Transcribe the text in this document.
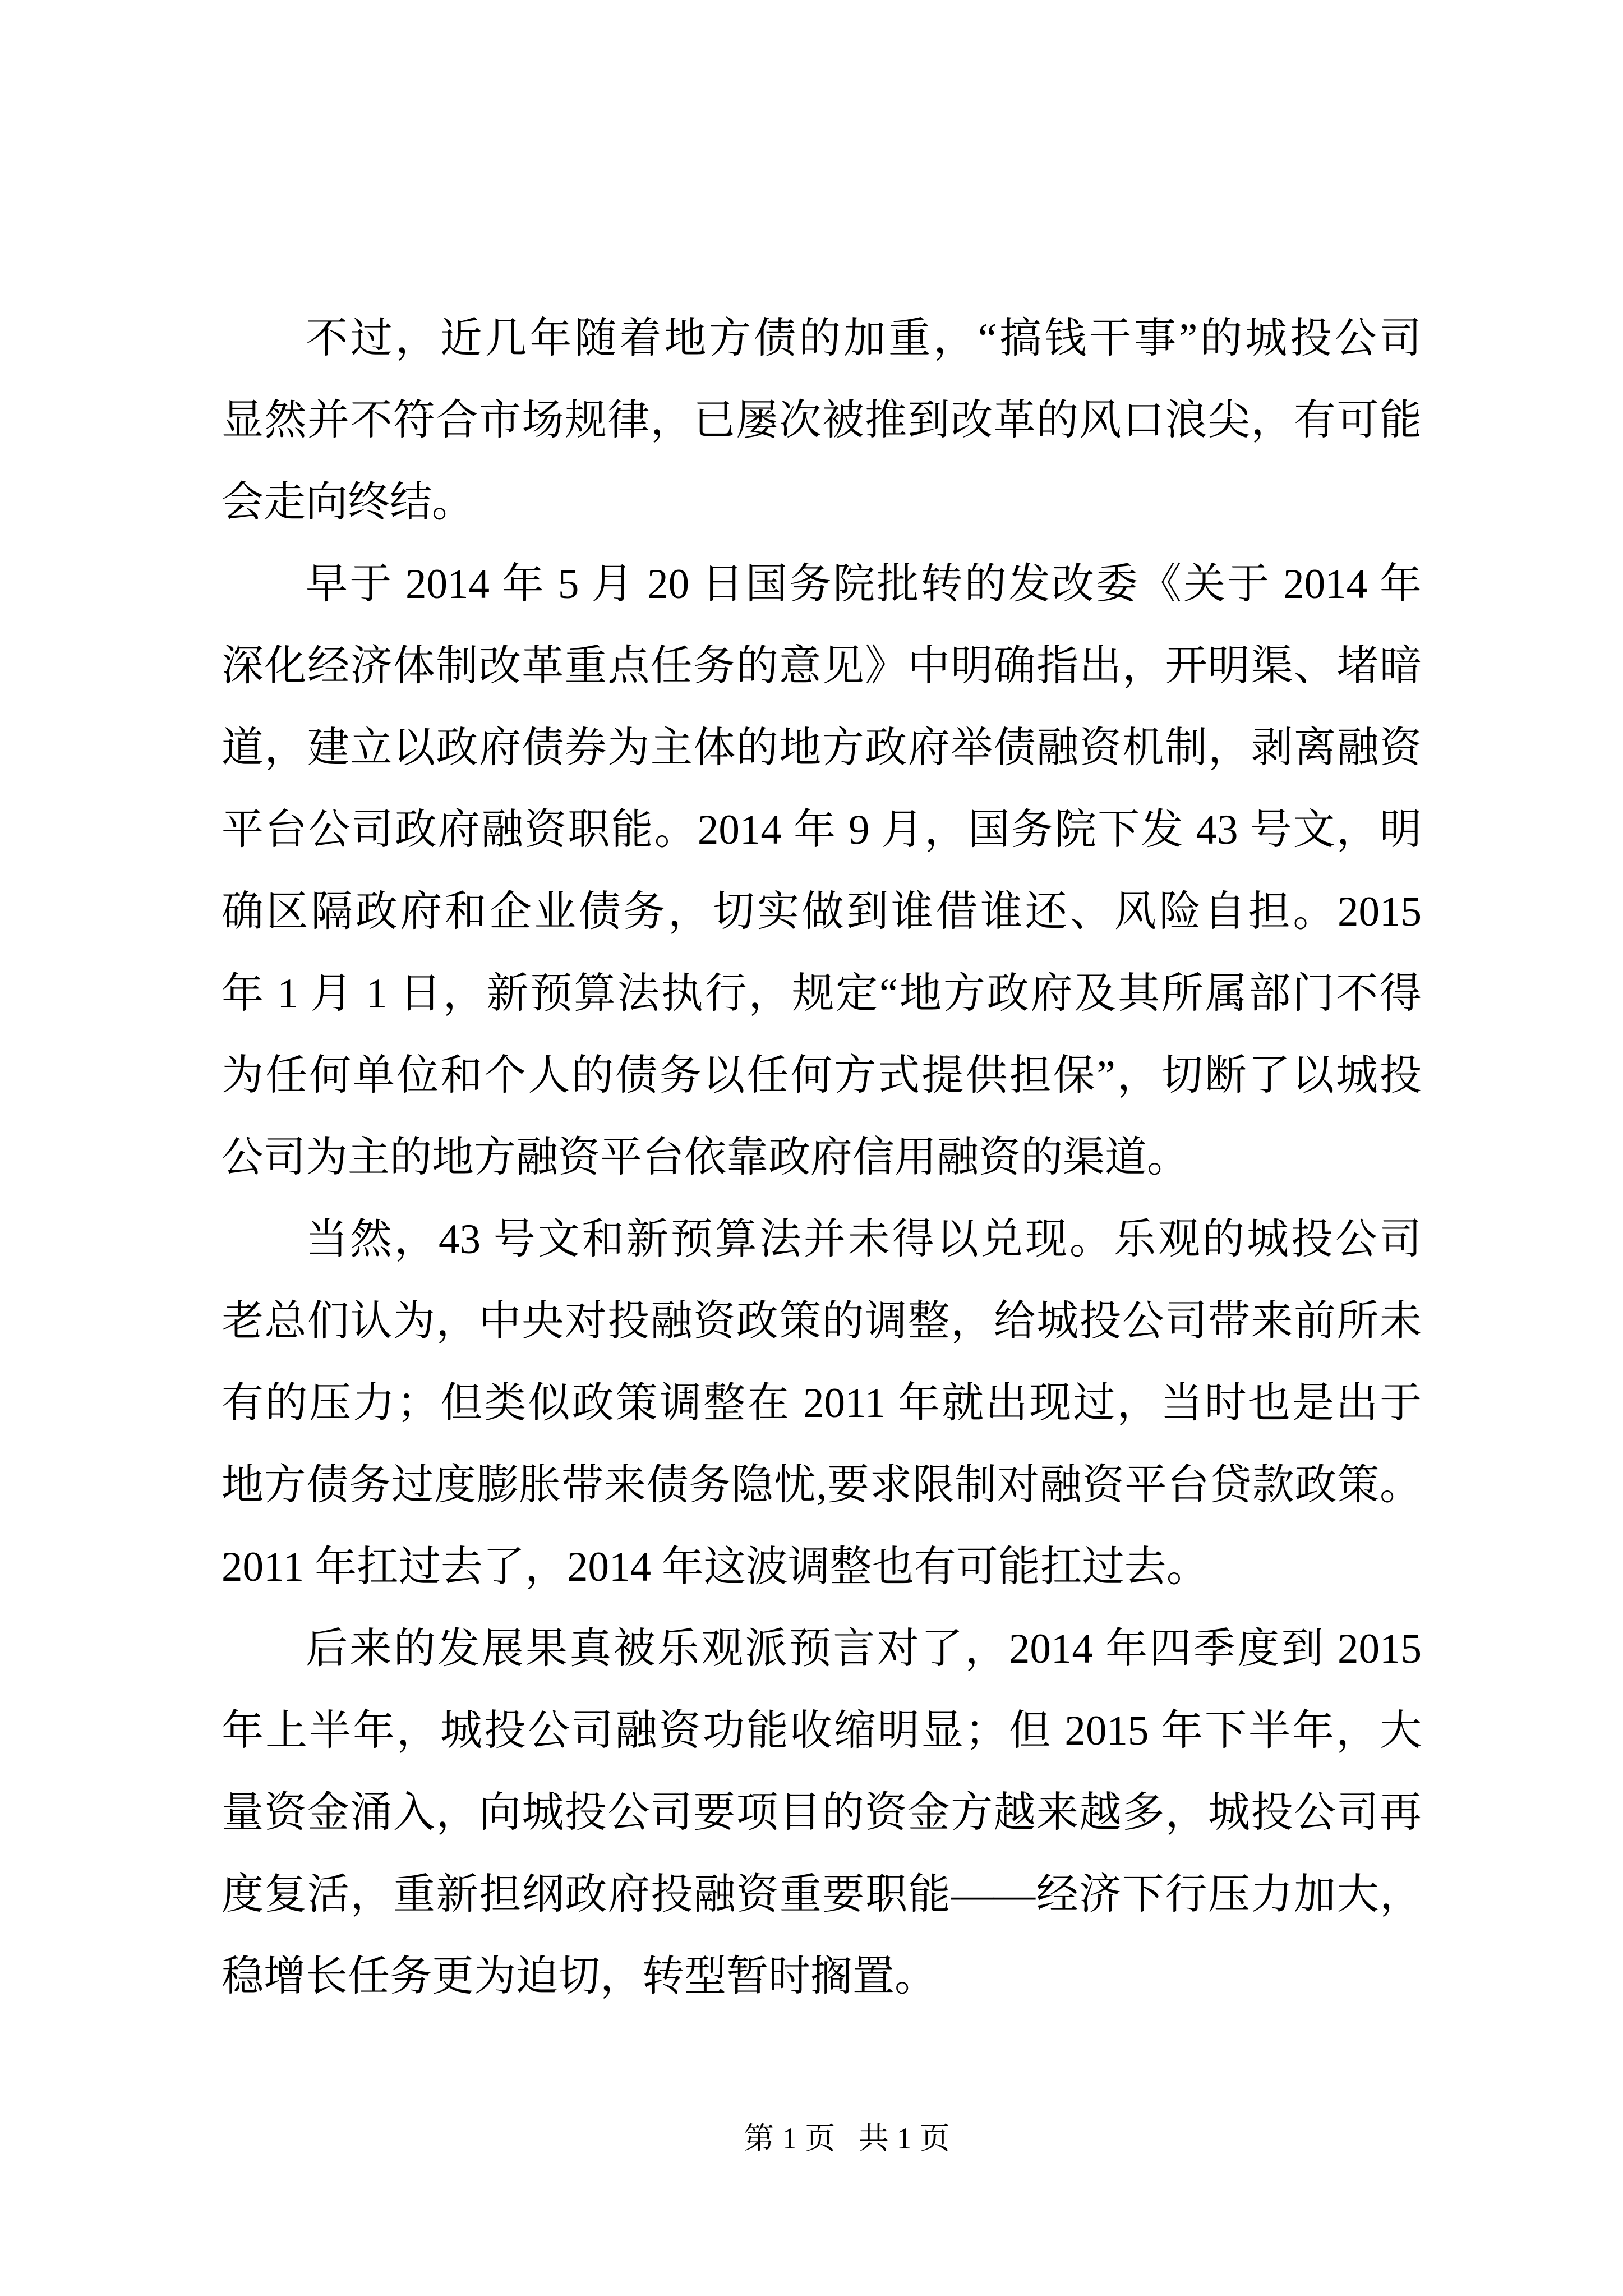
不过，近几年随着地方债的加重，“搞钱干事”的城投公司
显然并不符合市场规律，已屡次被推到改革的风口浪尖，有可能
会走向终结。
早于 2014 年 5 月 20 日国务院批转的发改委《关于 2014 年
深化经济体制改革重点任务的意见》中明确指出，开明渠、堵暗
道，建立以政府债券为主体的地方政府举债融资机制，剥离融资
平台公司政府融资职能。2014 年 9 月，国务院下发 43 号文，明
确区隔政府和企业债务，切实做到谁借谁还、风险自担。2015
年 1 月 1 日，新预算法执行，规定“地方政府及其所属部门不得
为任何单位和个人的债务以任何方式提供担保”，切断了以城投
公司为主的地方融资平台依靠政府信用融资的渠道。
当然，43 号文和新预算法并未得以兑现。乐观的城投公司
老总们认为，中央对投融资政策的调整，给城投公司带来前所未
有的压力；但类似政策调整在 2011 年就出现过，当时也是出于
地方债务过度膨胀带来债务隐忧,要求限制对融资平台贷款政策。
2011 年扛过去了，2014 年这波调整也有可能扛过去。
后来的发展果真被乐观派预言对了，2014 年四季度到 2015
年上半年，城投公司融资功能收缩明显；但 2015 年下半年，大
量资金涌入，向城投公司要项目的资金方越来越多，城投公司再
度复活，重新担纲政府投融资重要职能——经济下行压力加大，
稳增长任务更为迫切，转型暂时搁置。
第1页 共1页
